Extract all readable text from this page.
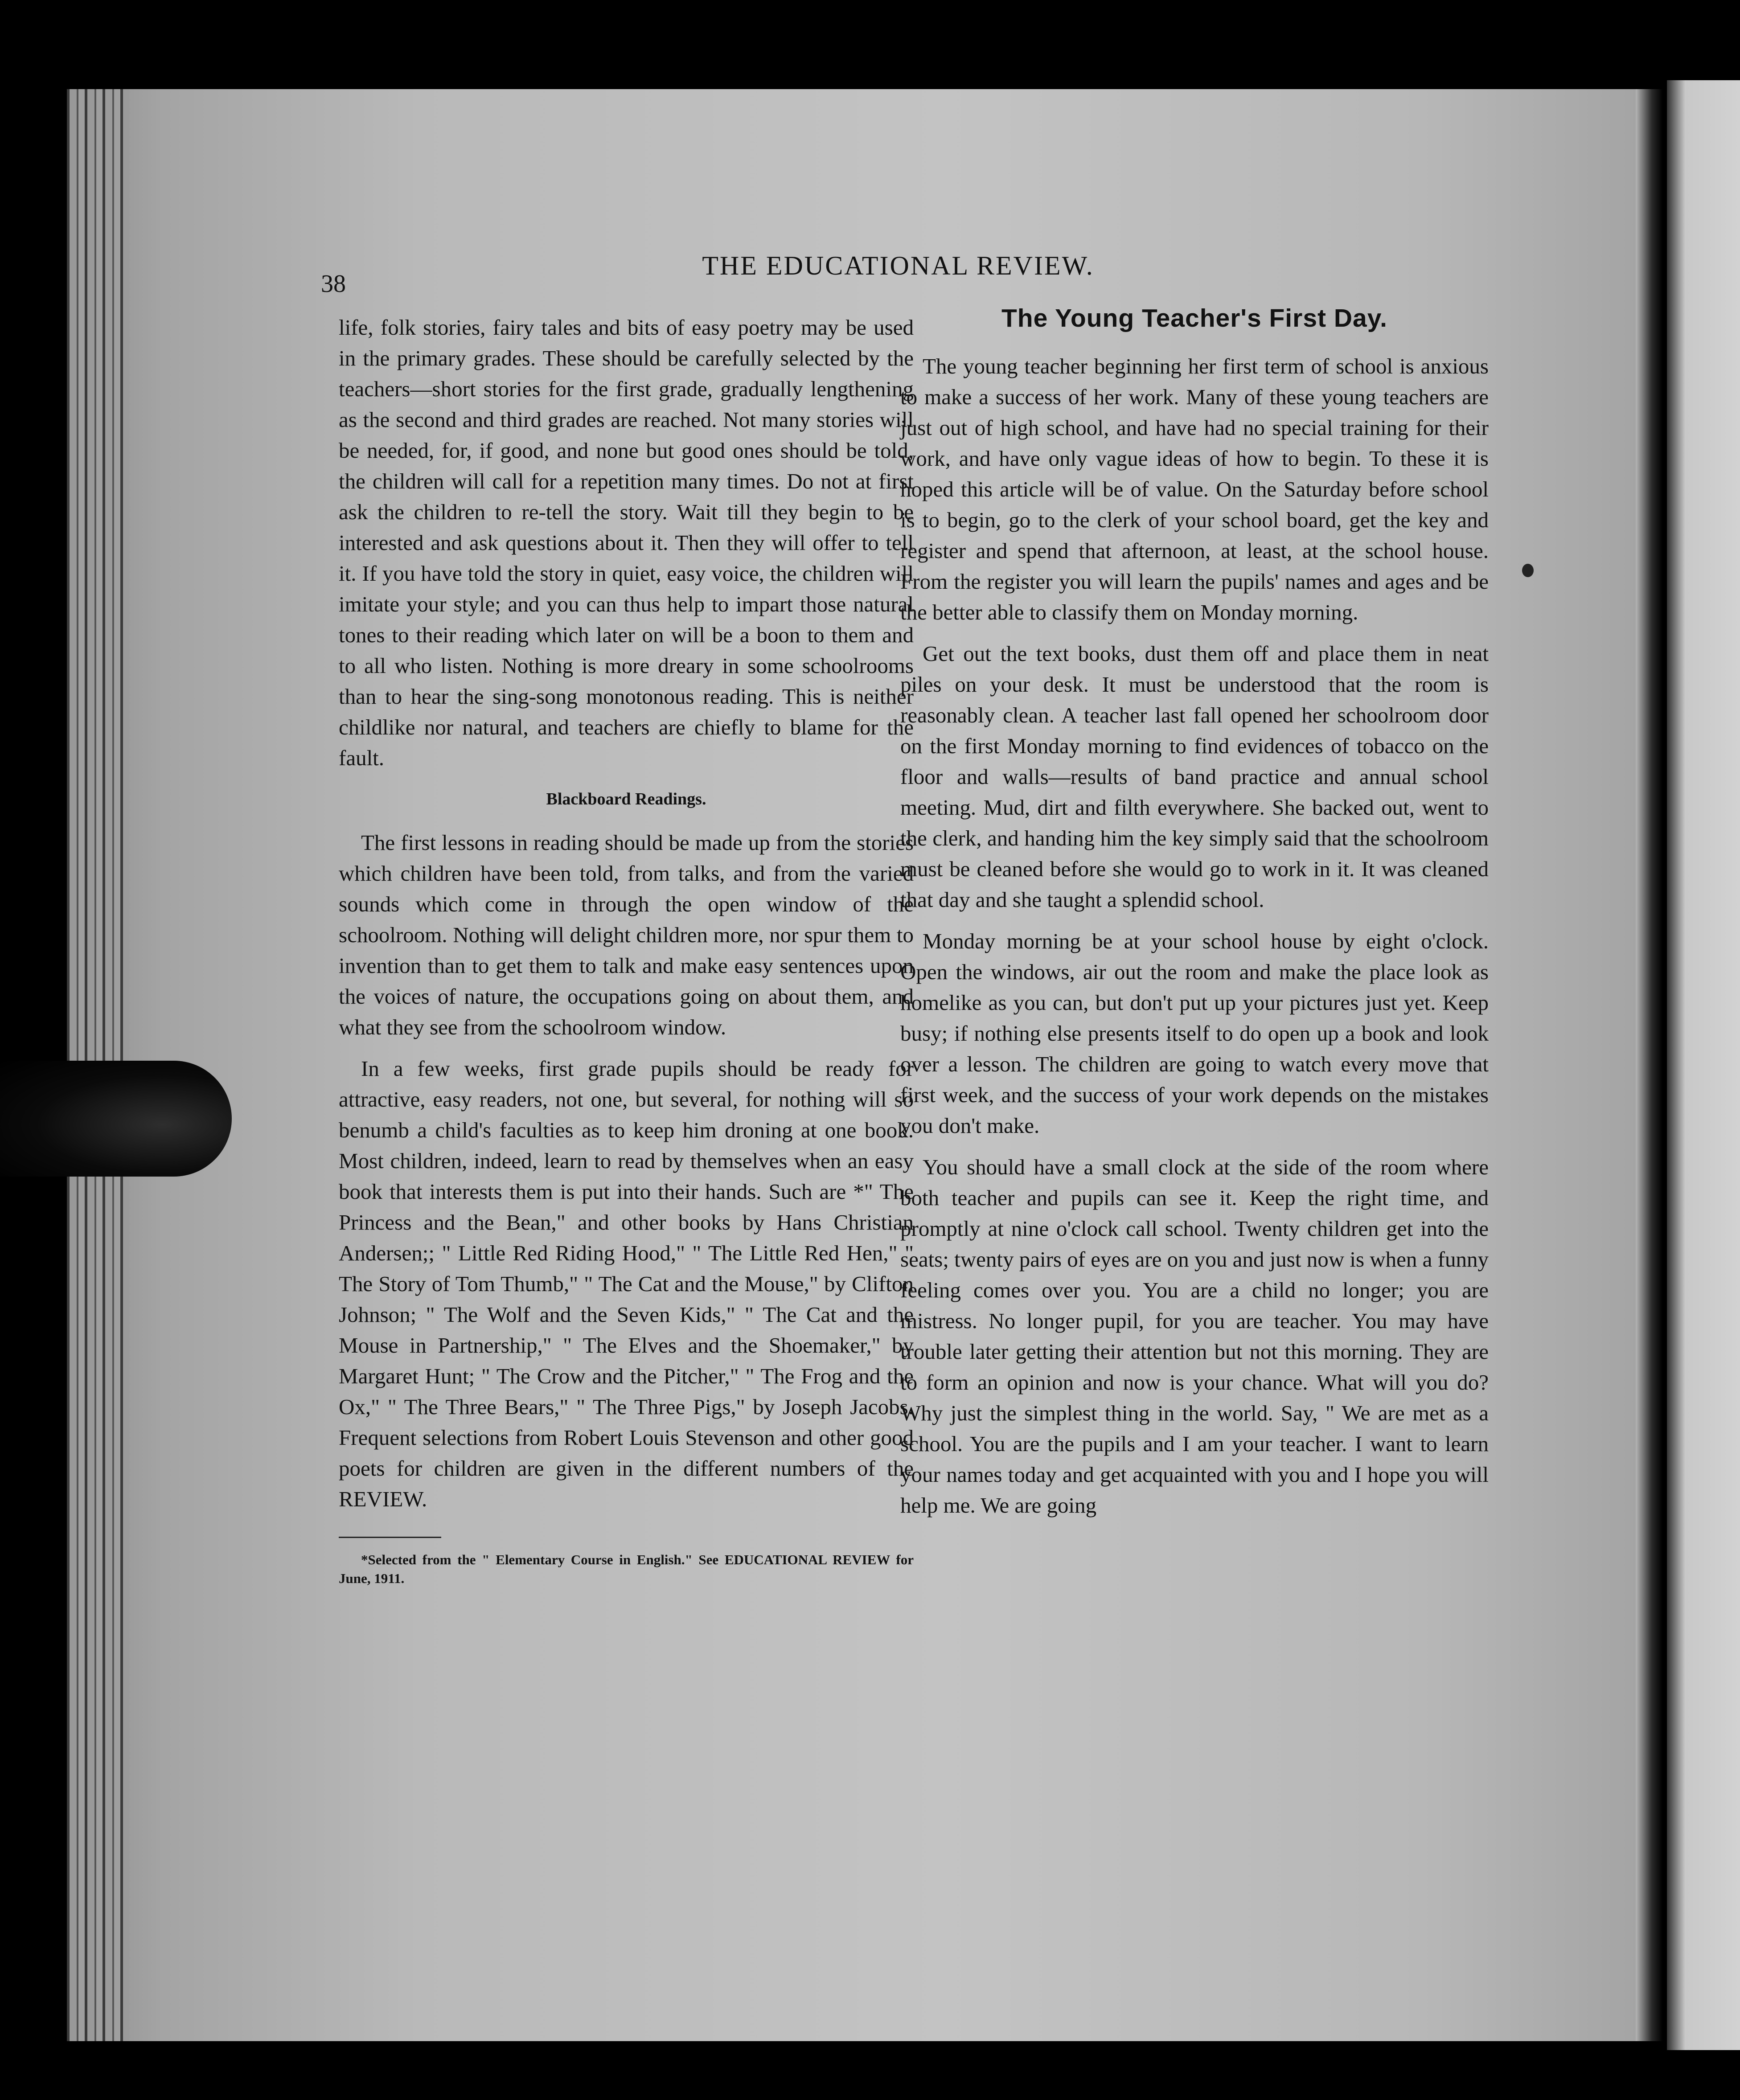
38
THE EDUCATIONAL REVIEW.

life, folk stories, fairy tales and bits of easy poetry may be used in the primary grades. These should be carefully selected by the teachers—short stories for the first grade, gradually lengthening as the second and third grades are reached. Not many stories will be needed, for, if good, and none but good ones should be told, the children will call for a repetition many times. Do not at first ask the children to re-tell the story. Wait till they begin to be interested and ask questions about it. Then they will offer to tell it. If you have told the story in quiet, easy voice, the children will imitate your style; and you can thus help to impart those natural tones to their reading which later on will be a boon to them and to all who listen. Nothing is more dreary in some schoolrooms than to hear the sing-song monotonous reading. This is neither childlike nor natural, and teachers are chiefly to blame for the fault.

Blackboard Readings.

The first lessons in reading should be made up from the stories which children have been told, from talks, and from the varied sounds which come in through the open window of the schoolroom. Nothing will delight children more, nor spur them to invention than to get them to talk and make easy sentences upon the voices of nature, the occupations going on about them, and what they see from the schoolroom window.

In a few weeks, first grade pupils should be ready for attractive, easy readers, not one, but several, for nothing will so benumb a child's faculties as to keep him droning at one book. Most children, indeed, learn to read by themselves when an easy book that interests them is put into their hands. Such are *" The Princess and the Bean," and other books by Hans Christian Andersen;; " Little Red Riding Hood," " The Little Red Hen," " The Story of Tom Thumb," " The Cat and the Mouse," by Clifton Johnson; " The Wolf and the Seven Kids," " The Cat and the Mouse in Partnership," " The Elves and the Shoemaker," by Margaret Hunt; " The Crow and the Pitcher," " The Frog and the Ox," " The Three Bears," " The Three Pigs," by Joseph Jacobs. Frequent selections from Robert Louis Stevenson and other good poets for children are given in the different numbers of the REVIEW.

*Selected from the " Elementary Course in English." See EDUCATIONAL REVIEW for June, 1911.
The Young Teacher's First Day.

The young teacher beginning her first term of school is anxious to make a success of her work. Many of these young teachers are just out of high school, and have had no special training for their work, and have only vague ideas of how to begin. To these it is hoped this article will be of value. On the Saturday before school is to begin, go to the clerk of your school board, get the key and register and spend that afternoon, at least, at the school house. From the register you will learn the pupils' names and ages and be the better able to classify them on Monday morning.

Get out the text books, dust them off and place them in neat piles on your desk. It must be understood that the room is reasonably clean. A teacher last fall opened her schoolroom door on the first Monday morning to find evidences of tobacco on the floor and walls—results of band practice and annual school meeting. Mud, dirt and filth everywhere. She backed out, went to the clerk, and handing him the key simply said that the schoolroom must be cleaned before she would go to work in it. It was cleaned that day and she taught a splendid school.

Monday morning be at your school house by eight o'clock. Open the windows, air out the room and make the place look as homelike as you can, but don't put up your pictures just yet. Keep busy; if nothing else presents itself to do open up a book and look over a lesson. The children are going to watch every move that first week, and the success of your work depends on the mistakes you don't make.

You should have a small clock at the side of the room where both teacher and pupils can see it. Keep the right time, and promptly at nine o'clock call school. Twenty children get into the seats; twenty pairs of eyes are on you and just now is when a funny feeling comes over you. You are a child no longer; you are mistress. No longer pupil, for you are teacher. You may have trouble later getting their attention but not this morning. They are to form an opinion and now is your chance. What will you do? Why just the simplest thing in the world. Say, " We are met as a school. You are the pupils and I am your teacher. I want to learn your names today and get acquainted with you and I hope you will help me. We are going
